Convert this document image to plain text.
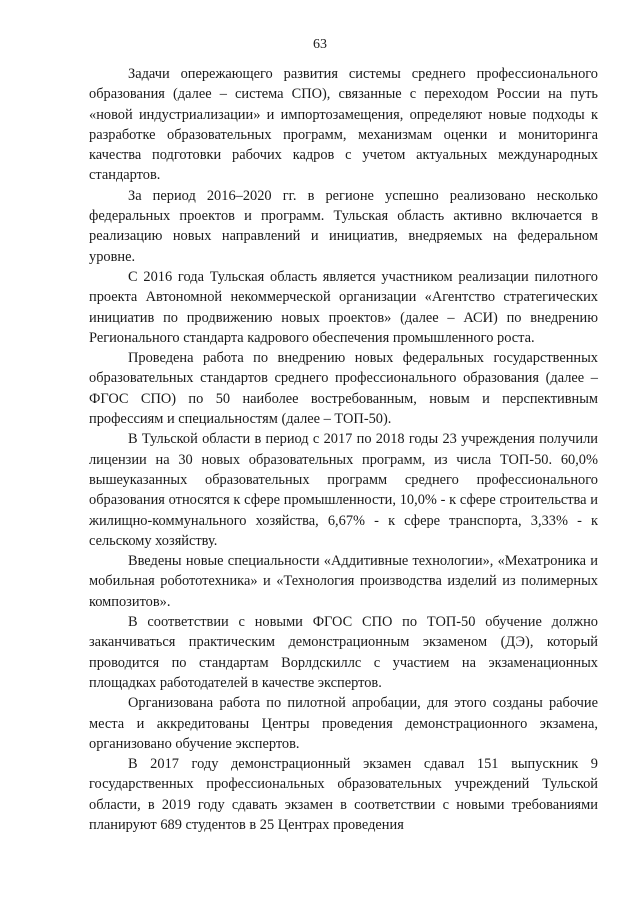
63

Задачи опережающего развития системы среднего профессионального образования (далее – система СПО), связанные с переходом России на путь «новой индустриализации» и импортозамещения, определяют новые подходы к разработке образовательных программ, механизмам оценки и мониторинга качества подготовки рабочих кадров с учетом актуальных международных стандартов.

За период 2016–2020 гг. в регионе успешно реализовано несколько федеральных проектов и программ. Тульская область активно включается в реализацию новых направлений и инициатив, внедряемых на федеральном уровне.

С 2016 года Тульская область является участником реализации пилотного проекта Автономной некоммерческой организации «Агентство стратегических инициатив по продвижению новых проектов» (далее – АСИ) по внедрению Регионального стандарта кадрового обеспечения промышленного роста.

Проведена работа по внедрению новых федеральных государственных образовательных стандартов среднего профессионального образования (далее – ФГОС СПО) по 50 наиболее востребованным, новым и перспективным профессиям и специальностям (далее – ТОП-50).

В Тульской области в период с 2017 по 2018 годы 23 учреждения получили лицензии на 30 новых образовательных программ, из числа ТОП-50. 60,0% вышеуказанных образовательных программ среднего профессионального образования относятся к сфере промышленности, 10,0% - к сфере строительства и жилищно-коммунального хозяйства, 6,67% - к сфере транспорта, 3,33% - к сельскому хозяйству.

Введены новые специальности «Аддитивные технологии», «Мехатроника и мобильная робототехника» и «Технология производства изделий из полимерных композитов».

В соответствии с новыми ФГОС СПО по ТОП-50 обучение должно заканчиваться практическим демонстрационным экзаменом (ДЭ), который проводится по стандартам Ворлдскиллс с участием на экзаменационных площадках работодателей в качестве экспертов.

Организована работа по пилотной апробации, для этого созданы рабочие места и аккредитованы Центры проведения демонстрационного экзамена, организовано обучение экспертов.

В 2017 году демонстрационный экзамен сдавал 151 выпускник 9 государственных профессиональных образовательных учреждений Тульской области, в 2019 году сдавать экзамен в соответствии с новыми требованиями планируют 689 студентов в 25 Центрах проведения
